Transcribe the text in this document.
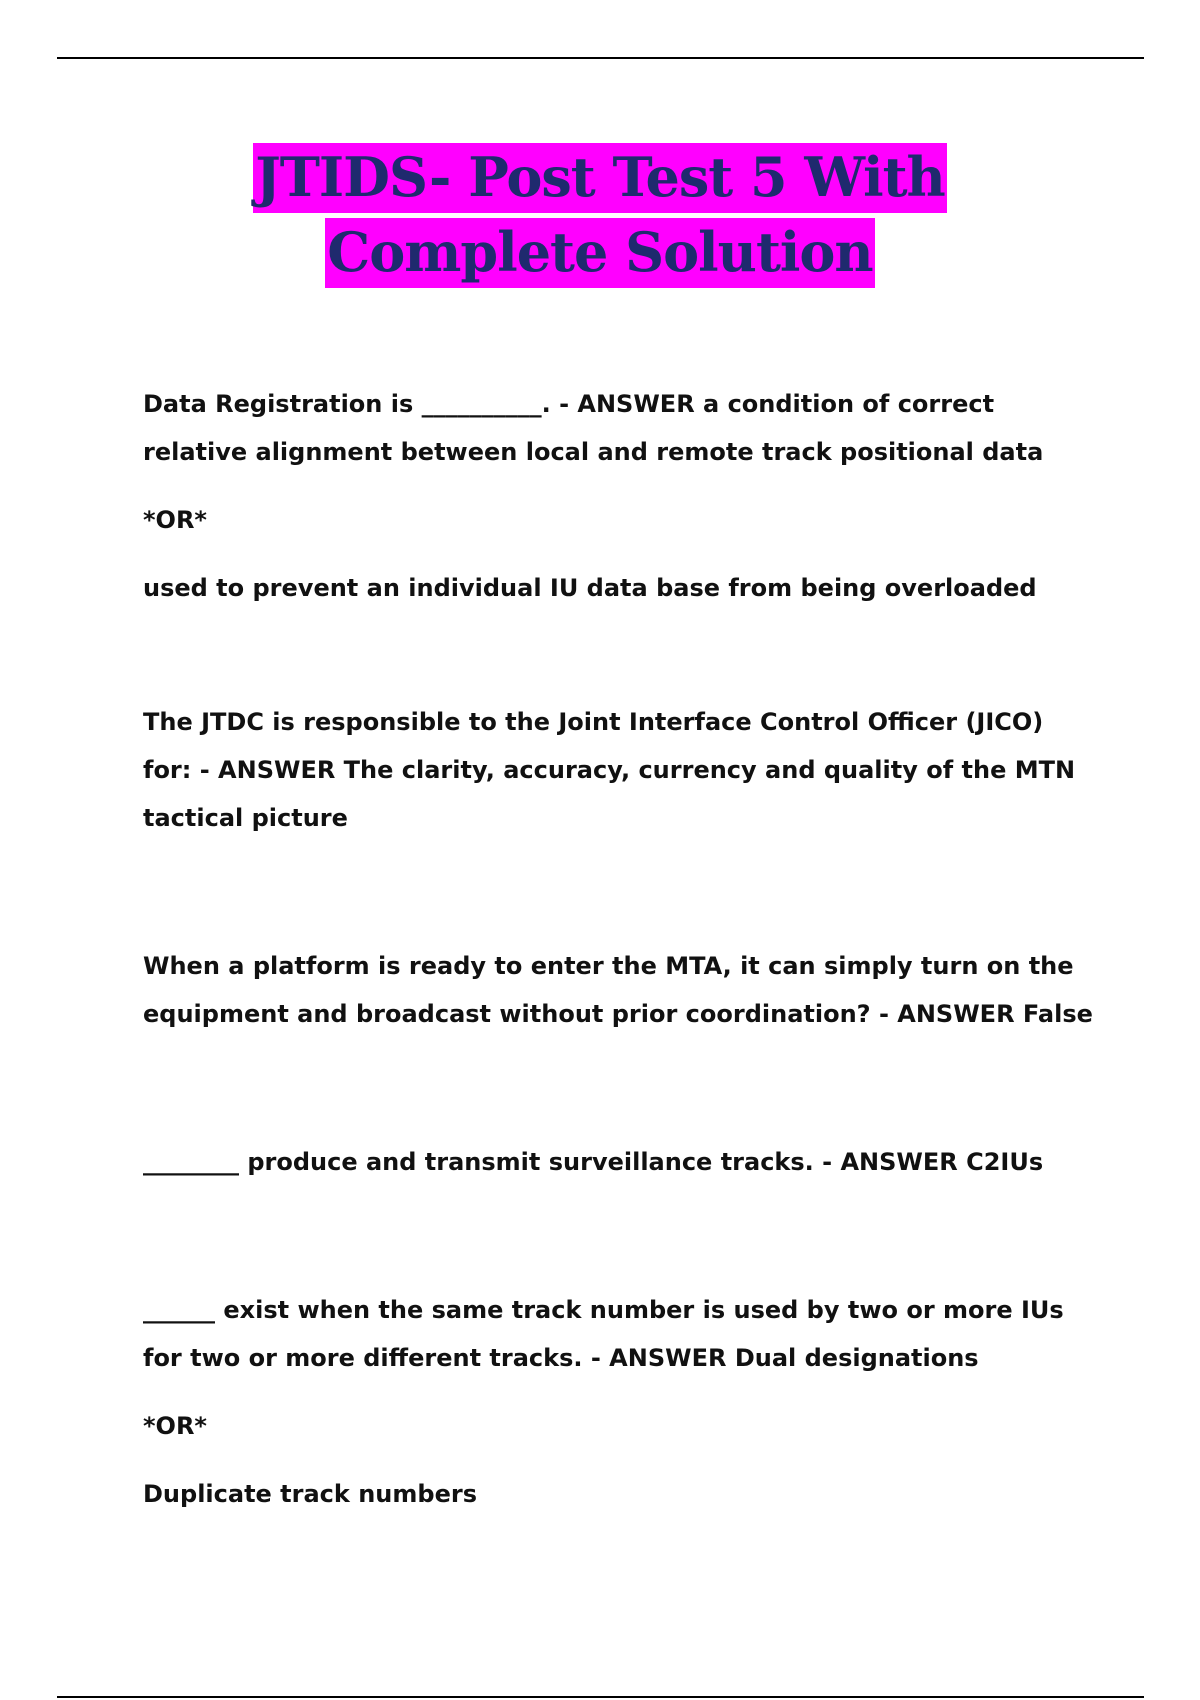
JTIDS- Post Test 5 With
Complete Solution

Data Registration is __________. - ANSWER a condition of correct relative alignment between local and remote track positional data

*OR*

used to prevent an individual IU data base from being overloaded

The JTDC is responsible to the Joint Interface Control Officer (JICO) for: - ANSWER The clarity, accuracy, currency and quality of the MTN tactical picture

When a platform is ready to enter the MTA, it can simply turn on the equipment and broadcast without prior coordination? - ANSWER False

________ produce and transmit surveillance tracks. - ANSWER C2IUs

______ exist when the same track number is used by two or more IUs for two or more different tracks. - ANSWER Dual designations

*OR*

Duplicate track numbers
